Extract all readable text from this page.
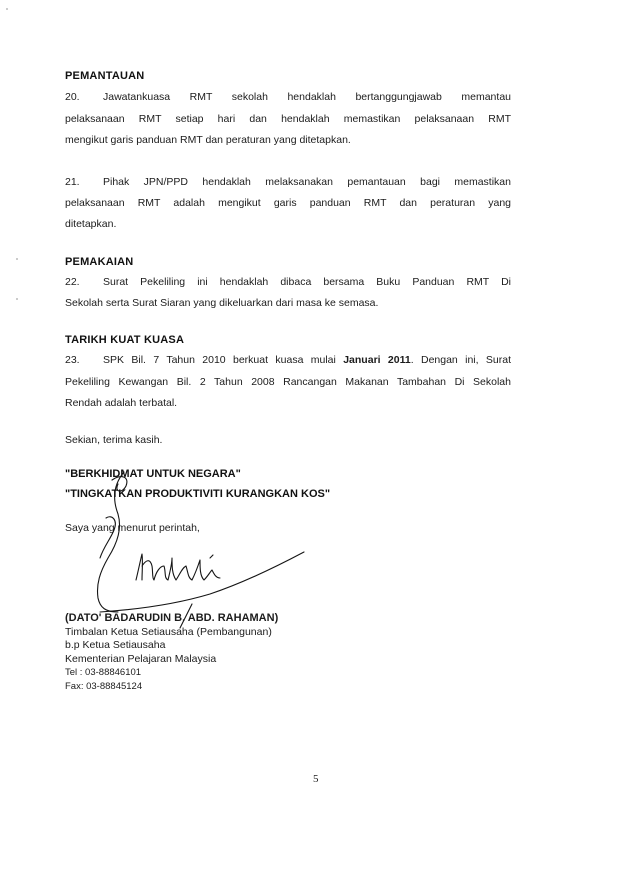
PEMANTAUAN
20. Jawatankuasa RMT sekolah hendaklah bertanggungjawab memantau
pelaksanaan RMT setiap hari dan hendaklah memastikan pelaksanaan RMT
mengikut garis panduan RMT dan peraturan yang ditetapkan.
21. Pihak JPN/PPD hendaklah melaksanakan pemantauan bagi memastikan
pelaksanaan RMT adalah mengikut garis panduan RMT dan peraturan yang
ditetapkan.
PEMAKAIAN
22. Surat Pekeliling ini hendaklah dibaca bersama Buku Panduan RMT Di
Sekolah serta Surat Siaran yang dikeluarkan dari masa ke semasa.
TARIKH KUAT KUASA
23. SPK Bil. 7 Tahun 2010 berkuat kuasa mulai Januari 2011. Dengan ini, Surat
Pekeliling Kewangan Bil. 2 Tahun 2008 Rancangan Makanan Tambahan Di Sekolah
Rendah adalah terbatal.
Sekian, terima kasih.
"BERKHIDMAT UNTUK NEGARA"
"TINGKATKAN PRODUKTIVITI KURANGKAN KOS"
Saya yang menurut perintah,
(DATO' BADARUDIN B. ABD. RAHAMAN)
Timbalan Ketua Setiausaha (Pembangunan)
b.p Ketua Setiausaha
Kementerian Pelajaran Malaysia
Tel : 03-88846101
Fax: 03-88845124
5
